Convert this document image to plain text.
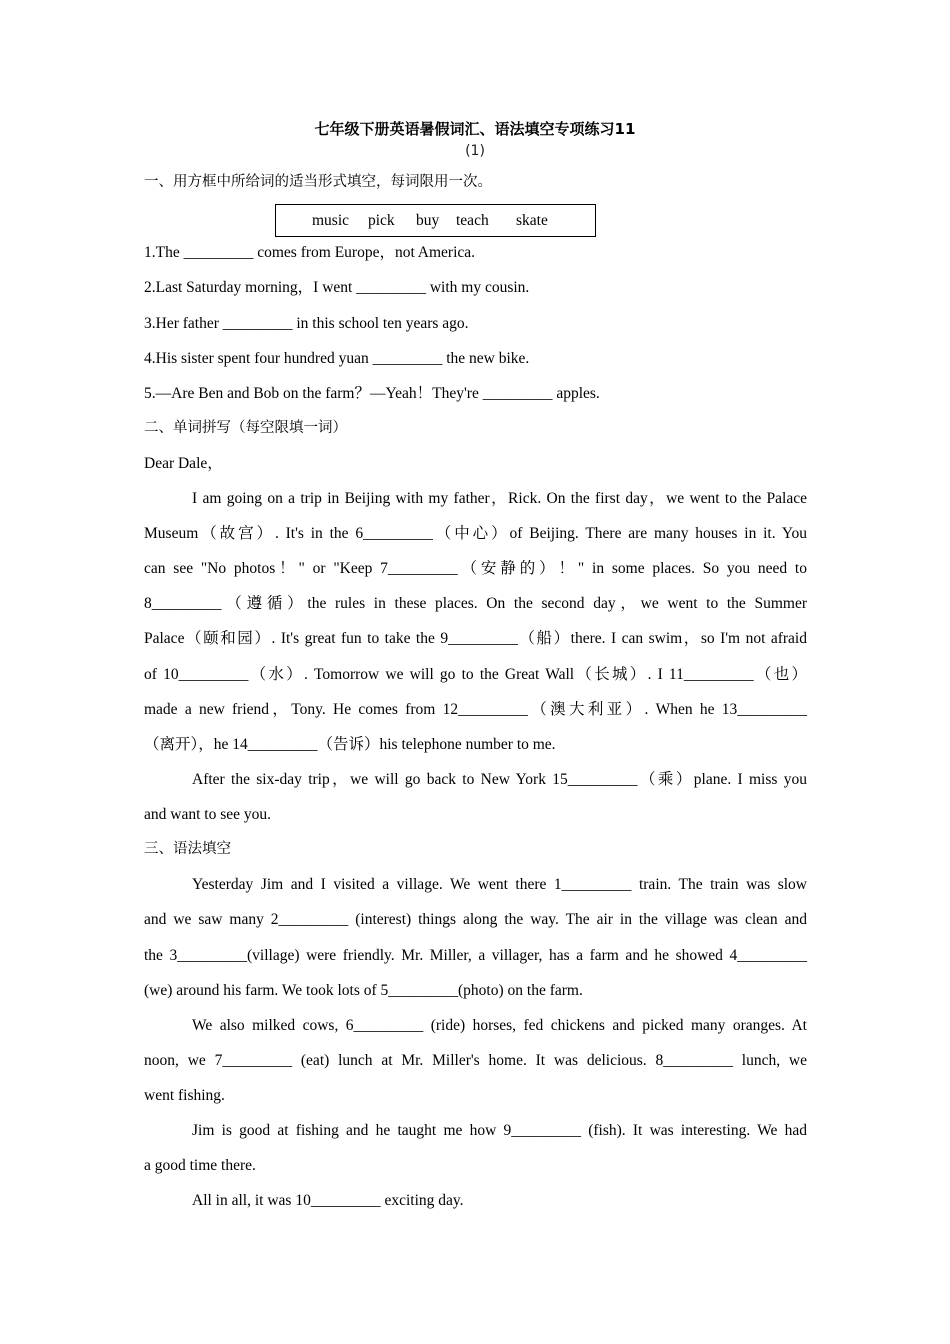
七年级下册英语暑假词汇、语法填空专项练习11
(1)
一、用方框中所给词的适当形式填空，每词限用一次。
music pick buy teach skate
1.The _________ comes from Europe，not America.
2.Last Saturday morning，I went _________ with my cousin.
3.Her father _________ in this school ten years ago.
4.His sister spent four hundred yuan _________ the new bike.
5.—Are Ben and Bob on the farm？—Yeah！They're _________ apples.
二、单词拼写（每空限填一词）
Dear Dale，
I am going on a trip in Beijing with my father，Rick. On the first day，we went to the Palace
Museum（故宫）. It's in the 6_________（中心）of Beijing. There are many houses in it. You
can see "No photos！" or "Keep 7_________（安静的）！" in some places. So you need to
8_________（遵循）the rules in these places. On the second day，we went to the Summer
Palace（颐和园）. It's great fun to take the 9_________（船）there. I can swim，so I'm not afraid
of 10_________（水）. Tomorrow we will go to the Great Wall（长城）. I 11_________（也）
made a new friend，Tony. He comes from 12_________（澳大利亚）. When he 13_________
（离开），he 14_________（告诉）his telephone number to me.
After the six-day trip，we will go back to New York 15_________（乘）plane. I miss you
and want to see you.
三、语法填空
Yesterday Jim and I visited a village. We went there 1_________ train. The train was slow
and we saw many 2_________ (interest) things along the way. The air in the village was clean and
the 3_________(village) were friendly. Mr. Miller, a villager, has a farm and he showed 4_________
(we) around his farm. We took lots of 5_________(photo) on the farm.
We also milked cows, 6_________ (ride) horses, fed chickens and picked many oranges. At
noon, we 7_________ (eat) lunch at Mr. Miller's home. It was delicious. 8_________ lunch, we
went fishing.
Jim is good at fishing and he taught me how 9_________ (fish). It was interesting. We had
a good time there.
All in all, it was 10_________ exciting day.
